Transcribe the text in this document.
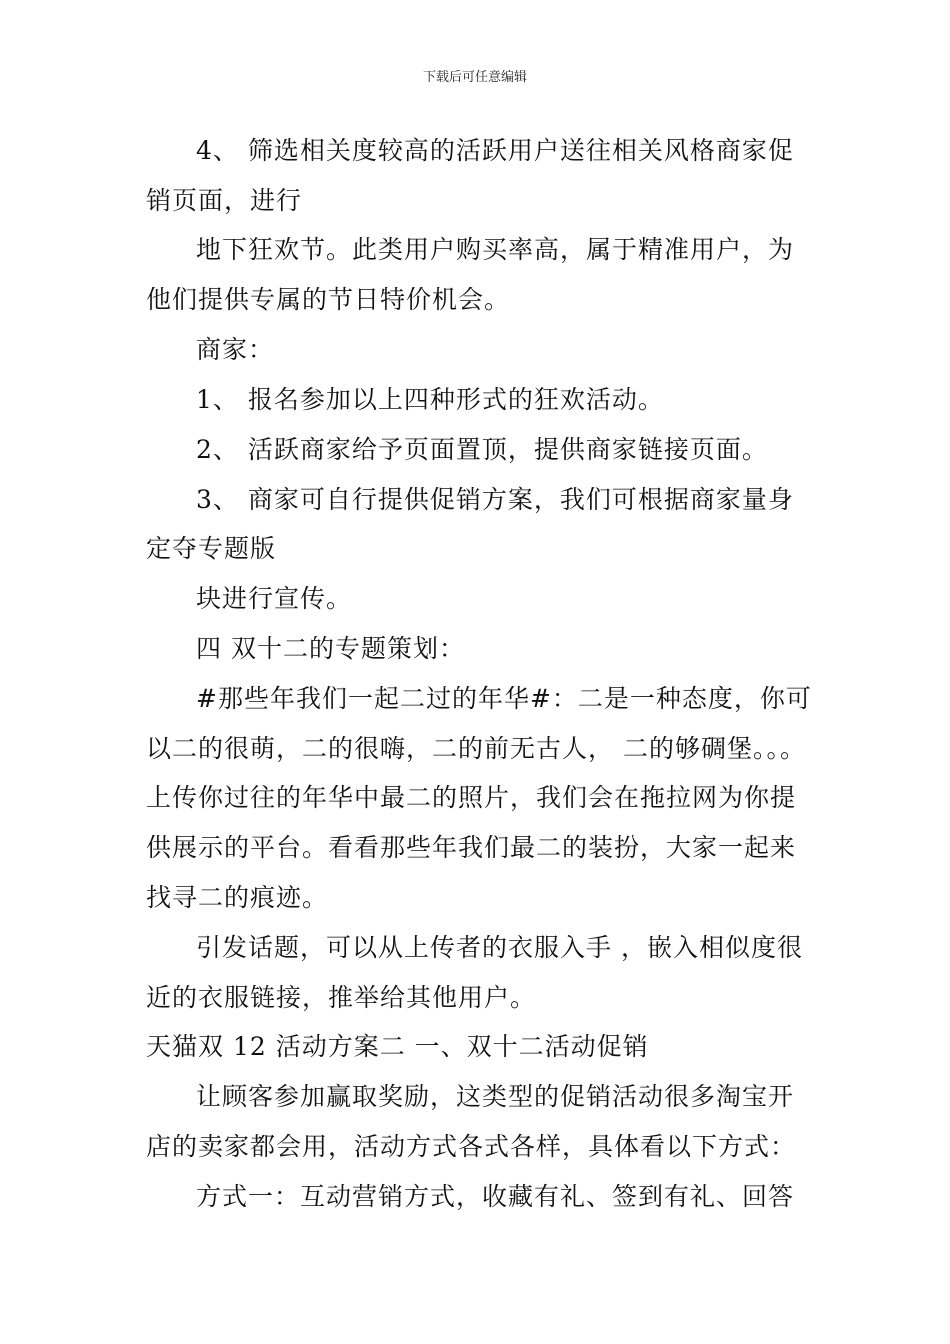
下载后可任意编辑
4、 筛选相关度较高的活跃用户送往相关风格商家促
销页面，进行
地下狂欢节。此类用户购买率高，属于精准用户，为
他们提供专属的节日特价机会。
商家：
1、 报名参加以上四种形式的狂欢活动。
2、 活跃商家给予页面置顶，提供商家链接页面。
3、 商家可自行提供促销方案，我们可根据商家量身
定夺专题版
块进行宣传。
四 双十二的专题策划：
#那些年我们一起二过的年华#：二是一种态度，你可
以二的很萌，二的很嗨，二的前无古人， 二的够碉堡。。。
上传你过往的年华中最二的照片，我们会在拖拉网为你提
供展示的平台。看看那些年我们最二的装扮，大家一起来
找寻二的痕迹。
引发话题，可以从上传者的衣服入手 ，嵌入相似度很
近的衣服链接，推举给其他用户。
天猫双 12 活动方案二 一、双十二活动促销
让顾客参加赢取奖励，这类型的促销活动很多淘宝开
店的卖家都会用，活动方式各式各样，具体看以下方式：
方式一：互动营销方式，收藏有礼、签到有礼、回答
